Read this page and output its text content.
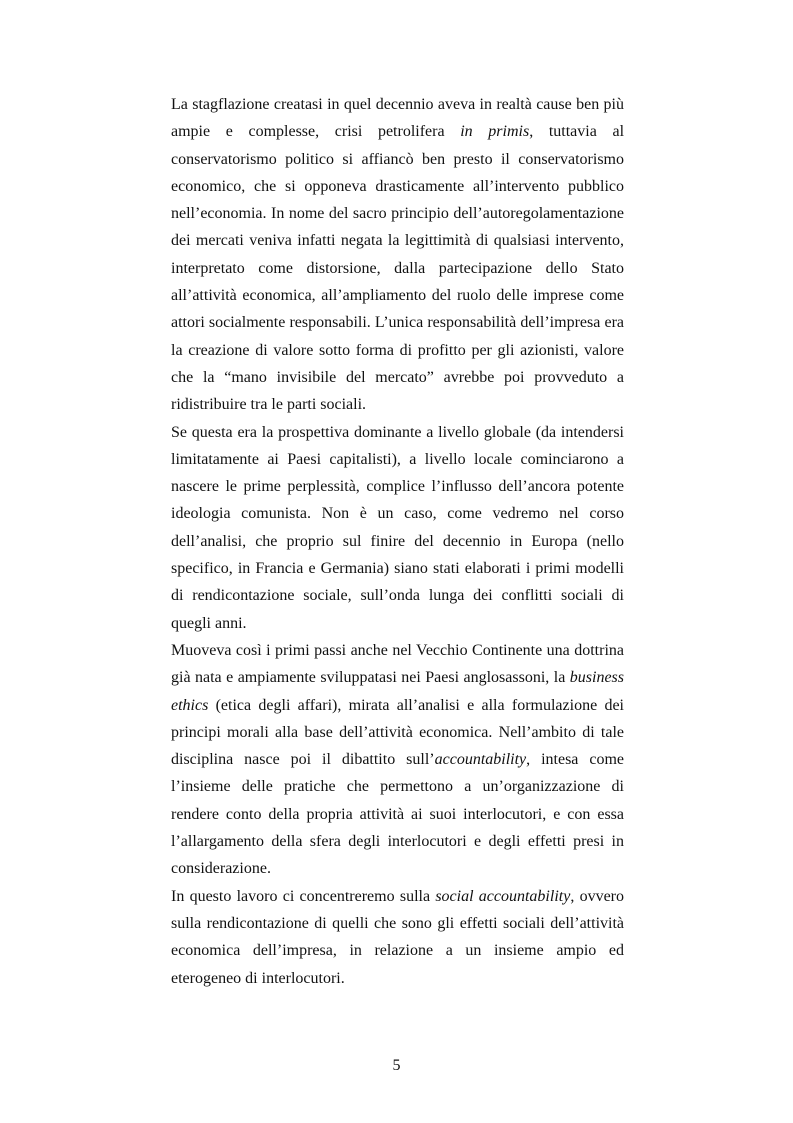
La stagflazione creatasi in quel decennio aveva in realtà cause ben più ampie e complesse, crisi petrolifera in primis, tuttavia al conservatorismo politico si affiancò ben presto il conservatorismo economico, che si opponeva drasticamente all’intervento pubblico nell’economia. In nome del sacro principio dell’autoregolamentazione dei mercati veniva infatti negata la legittimità di qualsiasi intervento, interpretato come distorsione, dalla partecipazione dello Stato all’attività economica, all’ampliamento del ruolo delle imprese come attori socialmente responsabili. L’unica responsabilità dell’impresa era la creazione di valore sotto forma di profitto per gli azionisti, valore che la “mano invisibile del mercato” avrebbe poi provveduto a ridistribuire tra le parti sociali.

Se questa era la prospettiva dominante a livello globale (da intendersi limitatamente ai Paesi capitalisti), a livello locale cominciarono a nascere le prime perplessità, complice l’influsso dell’ancora potente ideologia comunista. Non è un caso, come vedremo nel corso dell’analisi, che proprio sul finire del decennio in Europa (nello specifico, in Francia e Germania) siano stati elaborati i primi modelli di rendicontazione sociale, sull’onda lunga dei conflitti sociali di quegli anni.

Muoveva così i primi passi anche nel Vecchio Continente una dottrina già nata e ampiamente sviluppatasi nei Paesi anglosassoni, la business ethics (etica degli affari), mirata all’analisi e alla formulazione dei principi morali alla base dell’attività economica. Nell’ambito di tale disciplina nasce poi il dibattito sull’accountability, intesa come l’insieme delle pratiche che permettono a un’organizzazione di rendere conto della propria attività ai suoi interlocutori, e con essa l’allargamento della sfera degli interlocutori e degli effetti presi in considerazione.

In questo lavoro ci concentreremo sulla social accountability, ovvero sulla rendicontazione di quelli che sono gli effetti sociali dell’attività economica dell’impresa, in relazione a un insieme ampio ed eterogeneo di interlocutori.

5
